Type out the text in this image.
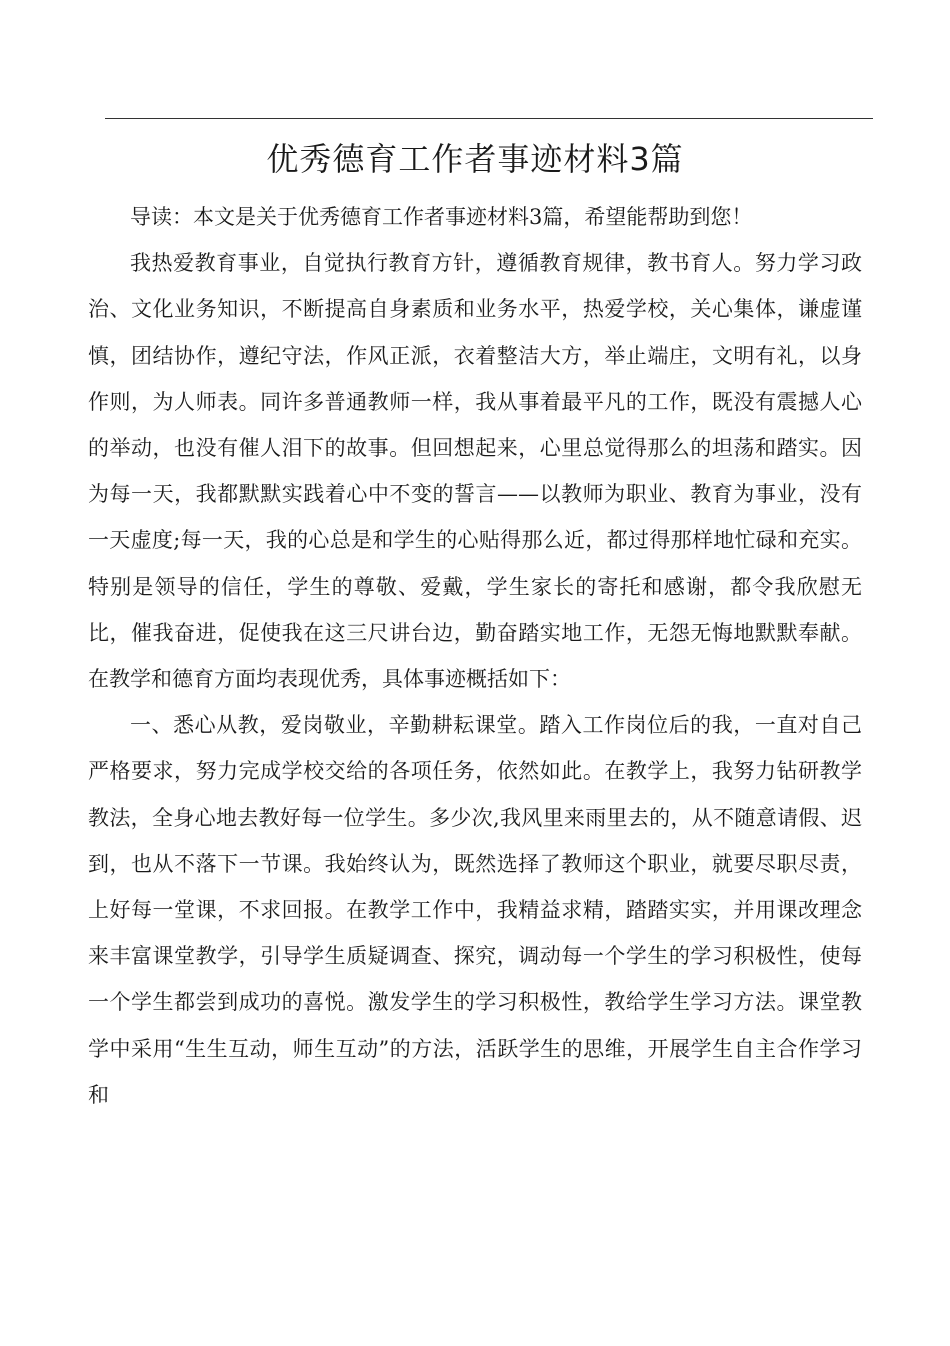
优秀德育工作者事迹材料3篇

导读：本文是关于优秀德育工作者事迹材料3篇，希望能帮助到您！

我热爱教育事业，自觉执行教育方针，遵循教育规律，教书育人。努力学习政治、文化业务知识，不断提高自身素质和业务水平，热爱学校，关心集体，谦虚谨慎，团结协作，遵纪守法，作风正派，衣着整洁大方，举止端庄，文明有礼，以身作则，为人师表。同许多普通教师一样，我从事着最平凡的工作，既没有震撼人心的举动，也没有催人泪下的故事。但回想起来，心里总觉得那么的坦荡和踏实。因为每一天，我都默默实践着心中不变的誓言——以教师为职业、教育为事业，没有一天虚度;每一天，我的心总是和学生的心贴得那么近，都过得那样地忙碌和充实。特别是领导的信任，学生的尊敬、爱戴，学生家长的寄托和感谢，都令我欣慰无比，催我奋进，促使我在这三尺讲台边，勤奋踏实地工作，无怨无悔地默默奉献。在教学和德育方面均表现优秀，具体事迹概括如下：

一、悉心从教，爱岗敬业，辛勤耕耘课堂。踏入工作岗位后的我，一直对自己严格要求，努力完成学校交给的各项任务，依然如此。在教学上，我努力钻研教学教法，全身心地去教好每一位学生。多少次,我风里来雨里去的，从不随意请假、迟到，也从不落下一节课。我始终认为，既然选择了教师这个职业，就要尽职尽责，上好每一堂课，不求回报。在教学工作中，我精益求精，踏踏实实，并用课改理念来丰富课堂教学，引导学生质疑调查、探究，调动每一个学生的学习积极性，使每一个学生都尝到成功的喜悦。激发学生的学习积极性，教给学生学习方法。课堂教学中采用“生生互动，师生互动”的方法，活跃学生的思维，开展学生自主合作学习和
